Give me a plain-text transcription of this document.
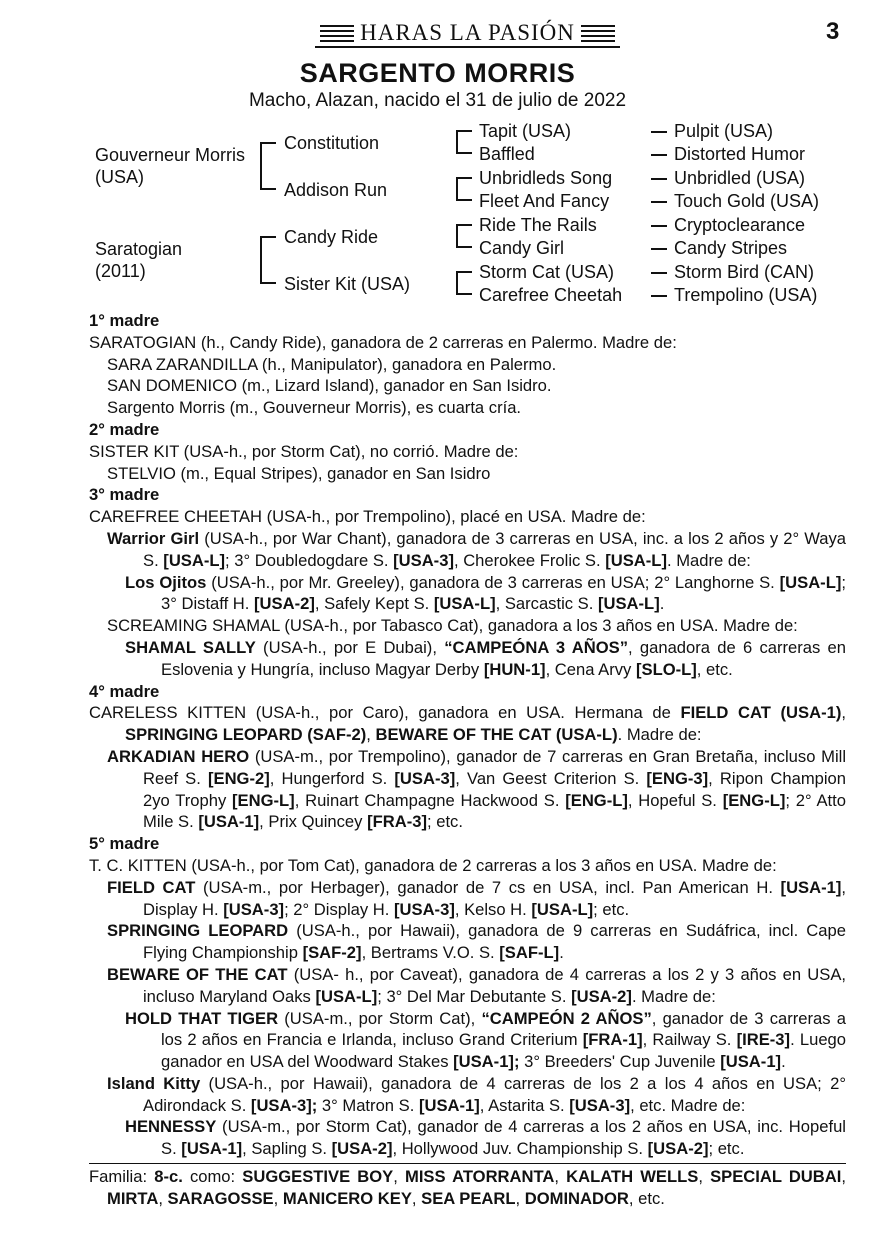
HARAS LA PASIÓN	3
SARGENTO MORRIS
Macho, Alazan, nacido el 31 de julio de 2022
Gouverneur Morris
(USA)
Saratogian
(2011)
Constitution
Addison Run
Candy Ride
Sister Kit (USA)
Tapit (USA)
Baffled
Unbridleds Song
Fleet And Fancy
Ride The Rails
Candy Girl
Storm Cat (USA)
Carefree Cheetah
Pulpit (USA)
Distorted Humor
Unbridled (USA)
Touch Gold (USA)
Cryptoclearance
Candy Stripes
Storm Bird (CAN)
Trempolino (USA)

1° madre

SARATOGIAN (h., Candy Ride), ganadora de 2 carreras en Palermo. Madre de:

SARA ZARANDILLA (h., Manipulator), ganadora en Palermo.

SAN DOMENICO (m., Lizard Island), ganador en San Isidro.

Sargento Morris (m., Gouverneur Morris), es cuarta cría.

2° madre

SISTER KIT (USA-h., por Storm Cat), no corrió. Madre de:

STELVIO (m., Equal Stripes), ganador en San Isidro

3° madre

CAREFREE CHEETAH (USA-h., por Trempolino), placé en USA. Madre de:

Warrior Girl (USA-h., por War Chant), ganadora de 3 carreras en USA, inc. a los 2 años y 2° Waya S. [USA-L]; 3° Doubledogdare S. [USA-3], Cherokee Frolic S. [USA-L]. Madre de:

Los Ojitos (USA-h., por Mr. Greeley), ganadora de 3 carreras en USA; 2° Langhorne S. [USA-L]; 3° Distaff H. [USA-2], Safely Kept S. [USA-L], Sarcastic S. [USA-L].

SCREAMING SHAMAL (USA-h., por Tabasco Cat), ganadora a los 3 años en USA. Madre de:

SHAMAL SALLY (USA-h., por E Dubai), “CAMPEÓNA 3 AÑOS”, ganadora de 6 carreras en Eslovenia y Hungría, incluso Magyar Derby [HUN-1], Cena Arvy [SLO-L], etc.

4° madre

CARELESS KITTEN (USA-h., por Caro), ganadora en USA. Hermana de FIELD CAT (USA-1), SPRINGING LEOPARD (SAF-2), BEWARE OF THE CAT (USA-L). Madre de:

ARKADIAN HERO (USA-m., por Trempolino), ganador de 7 carreras en Gran Bretaña, incluso Mill Reef S. [ENG-2], Hungerford S. [USA-3], Van Geest Criterion S. [ENG-3], Ripon Champion 2yo Trophy [ENG-L], Ruinart Champagne Hackwood S. [ENG-L], Hopeful S. [ENG-L]; 2° Atto Mile S. [USA-1], Prix Quincey [FRA-3]; etc.

5° madre

T. C. KITTEN (USA-h., por Tom Cat), ganadora de 2 carreras a los 3 años en USA. Madre de:

FIELD CAT (USA-m., por Herbager), ganador de 7 cs en USA, incl. Pan American H. [USA-1], Display H. [USA-3]; 2° Display H. [USA-3], Kelso H. [USA-L]; etc.

SPRINGING LEOPARD (USA-h., por Hawaii), ganadora de 9 carreras en Sudáfrica, incl. Cape Flying Championship [SAF-2], Bertrams V.O. S. [SAF-L].

BEWARE OF THE CAT (USA- h., por Caveat), ganadora de 4 carreras a los 2 y 3 años en USA, incluso Maryland Oaks [USA-L]; 3° Del Mar Debutante S. [USA-2]. Madre de:

HOLD THAT TIGER (USA-m., por Storm Cat), “CAMPEÓN 2 AÑOS”, ganador de 3 carreras a los 2 años en Francia e Irlanda, incluso Grand Criterium [FRA-1], Railway S. [IRE-3]. Luego ganador en USA del Woodward Stakes [USA-1]; 3° Breeders' Cup Juvenile [USA-1].

Island Kitty (USA-h., por Hawaii), ganadora de 4 carreras de los 2 a los 4 años en USA; 2° Adirondack S. [USA-3]; 3° Matron S. [USA-1], Astarita S. [USA-3], etc. Madre de:

HENNESSY (USA-m., por Storm Cat), ganador de 4 carreras a los 2 años en USA, inc. Hopeful S. [USA-1], Sapling S. [USA-2], Hollywood Juv. Championship S. [USA-2]; etc.

Familia: 8-c. como: SUGGESTIVE BOY, MISS ATORRANTA, KALATH WELLS, SPECIAL DUBAI, MIRTA, SARAGOSSE, MANICERO KEY, SEA PEARL, DOMINADOR, etc.
